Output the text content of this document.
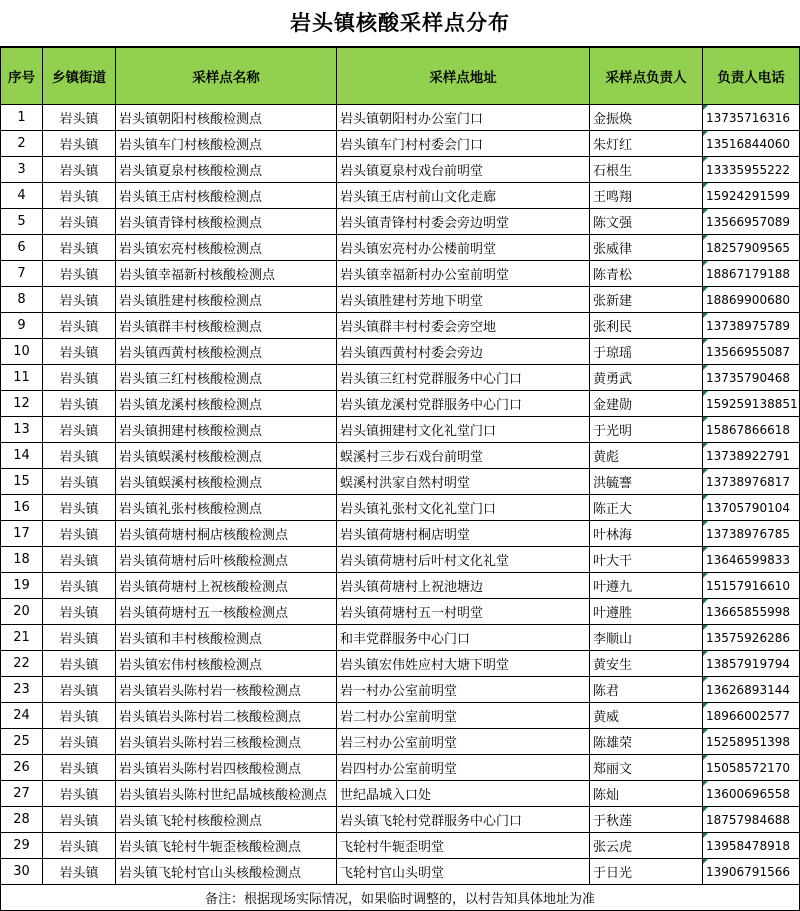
岩头镇核酸采样点分布
序号	乡镇街道	采样点名称	采样点地址	采样点负责人	负责人电话
1	岩头镇	岩头镇朝阳村核酸检测点	岩头镇朝阳村办公室门口	金振焕	13735716316
2	岩头镇	岩头镇车门村核酸检测点	岩头镇车门村村委会门口	朱灯红	13516844060
3	岩头镇	岩头镇夏泉村核酸检测点	岩头镇夏泉村戏台前明堂	石根生	13335955222
4	岩头镇	岩头镇王店村核酸检测点	岩头镇王店村前山文化走廊	王鸣翔	15924291599
5	岩头镇	岩头镇青锋村核酸检测点	岩头镇青锋村村委会旁边明堂	陈文强	13566957089
6	岩头镇	岩头镇宏亮村核酸检测点	岩头镇宏亮村办公楼前明堂	张威律	18257909565
7	岩头镇	岩头镇幸福新村核酸检测点	岩头镇幸福新村办公室前明堂	陈青松	18867179188
8	岩头镇	岩头镇胜建村核酸检测点	岩头镇胜建村芳地下明堂	张新建	18869900680
9	岩头镇	岩头镇群丰村核酸检测点	岩头镇群丰村村委会旁空地	张利民	13738975789
10	岩头镇	岩头镇西黄村核酸检测点	岩头镇西黄村村委会旁边	于琼瑶	13566955087
11	岩头镇	岩头镇三红村核酸检测点	岩头镇三红村党群服务中心门口	黄勇武	13735790468
12	岩头镇	岩头镇龙溪村核酸检测点	岩头镇龙溪村党群服务中心门口	金建勋	159259138851
13	岩头镇	岩头镇拥建村核酸检测点	岩头镇拥建村文化礼堂门口	于光明	15867866618
14	岩头镇	岩头镇蜈溪村核酸检测点	蜈溪村三步石戏台前明堂	黄彪	13738922791
15	岩头镇	岩头镇蜈溪村核酸检测点	蜈溪村洪家自然村明堂	洪毓謇	13738976817
16	岩头镇	岩头镇礼张村核酸检测点	岩头镇礼张村文化礼堂门口	陈正大	13705790104
17	岩头镇	岩头镇荷塘村桐店核酸检测点	岩头镇荷塘村桐店明堂	叶林海	13738976785
18	岩头镇	岩头镇荷塘村后叶核酸检测点	岩头镇荷塘村后叶村文化礼堂	叶大干	13646599833
19	岩头镇	岩头镇荷塘村上祝核酸检测点	岩头镇荷塘村上祝池塘边	叶遵九	15157916610
20	岩头镇	岩头镇荷塘村五一核酸检测点	岩头镇荷塘村五一村明堂	叶遵胜	13665855998
21	岩头镇	岩头镇和丰村核酸检测点	和丰党群服务中心门口	李顺山	13575926286
22	岩头镇	岩头镇宏伟村核酸检测点	岩头镇宏伟姓应村大塘下明堂	黄安生	13857919794
23	岩头镇	岩头镇岩头陈村岩一核酸检测点	岩一村办公室前明堂	陈君	13626893144
24	岩头镇	岩头镇岩头陈村岩二核酸检测点	岩二村办公室前明堂	黄威	18966002577
25	岩头镇	岩头镇岩头陈村岩三核酸检测点	岩三村办公室前明堂	陈雄荣	15258951398
26	岩头镇	岩头镇岩头陈村岩四核酸检测点	岩四村办公室前明堂	郑丽文	15058572170
27	岩头镇	岩头镇岩头陈村世纪晶城核酸检测点	世纪晶城入口处	陈灿	13600696558
28	岩头镇	岩头镇飞轮村核酸检测点	岩头镇飞轮村党群服务中心门口	于秋莲	18757984688
29	岩头镇	岩头镇飞轮村牛轭歪核酸检测点	飞轮村牛轭歪明堂	张云虎	13958478918
30	岩头镇	岩头镇飞轮村官山头核酸检测点	飞轮村官山头明堂	于日光	13906791566
备注：根据现场实际情况，如果临时调整的，以村告知具体地址为准					
